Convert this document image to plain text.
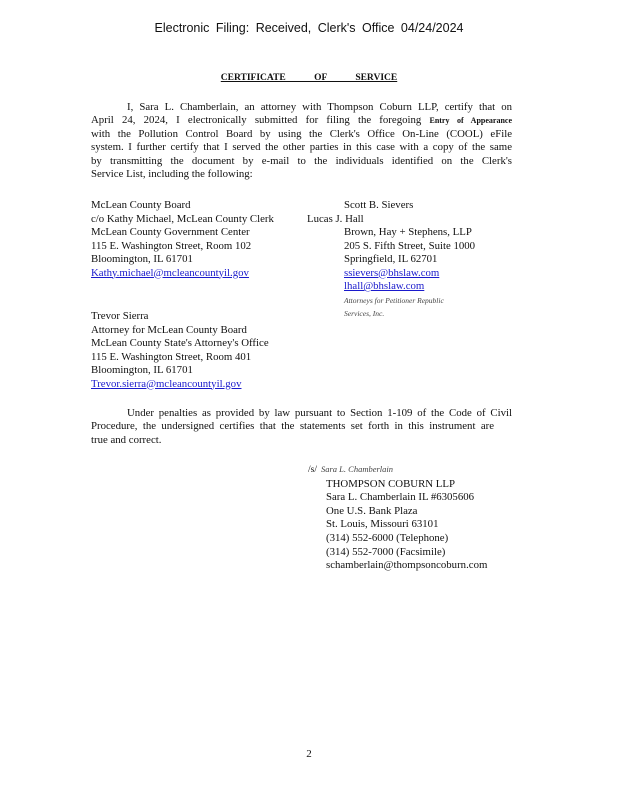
Electronic Filing: Received, Clerk's Office 04/24/2024
CERTIFICATE OF SERVICE
I, Sara L. Chamberlain, an attorney with Thompson Coburn LLP, certify that on
April 24, 2024, I electronically submitted for filing the foregoing Entry of Appearance
with the Pollution Control Board by using the Clerk's Office On-Line (COOL) eFile
system. I further certify that I served the other parties in this case with a copy of the same
by transmitting the document by e-mail to the individuals identified on the Clerk's
Service List, including the following:
McLean County Board
c/o Kathy Michael, McLean County Clerk
McLean County Government Center
115 E. Washington Street, Room 102
Bloomington, IL 61701
Kathy.michael@mcleancountyil.gov
Scott B. Sievers
Lucas J. Hall
Brown, Hay + Stephens, LLP
205 S. Fifth Street, Suite 1000
Springfield, IL 62701
ssievers@bhslaw.com
lhall@bhslaw.com
Attorneys for Petitioner Republic
Services, Inc.
Trevor Sierra
Attorney for McLean County Board
McLean County State's Attorney's Office
115 E. Washington Street, Room 401
Bloomington, IL 61701
Trevor.sierra@mcleancountyil.gov
Under penalties as provided by law pursuant to Section 1-109 of the Code of Civil
Procedure, the undersigned certifies that the statements set forth in this instrument are
true and correct.
/s/ Sara L. Chamberlain
THOMPSON COBURN LLP
Sara L. Chamberlain IL #6305606
One U.S. Bank Plaza
St. Louis, Missouri 63101
(314) 552-6000 (Telephone)
(314) 552-7000 (Facsimile)
schamberlain@thompsoncoburn.com
2
